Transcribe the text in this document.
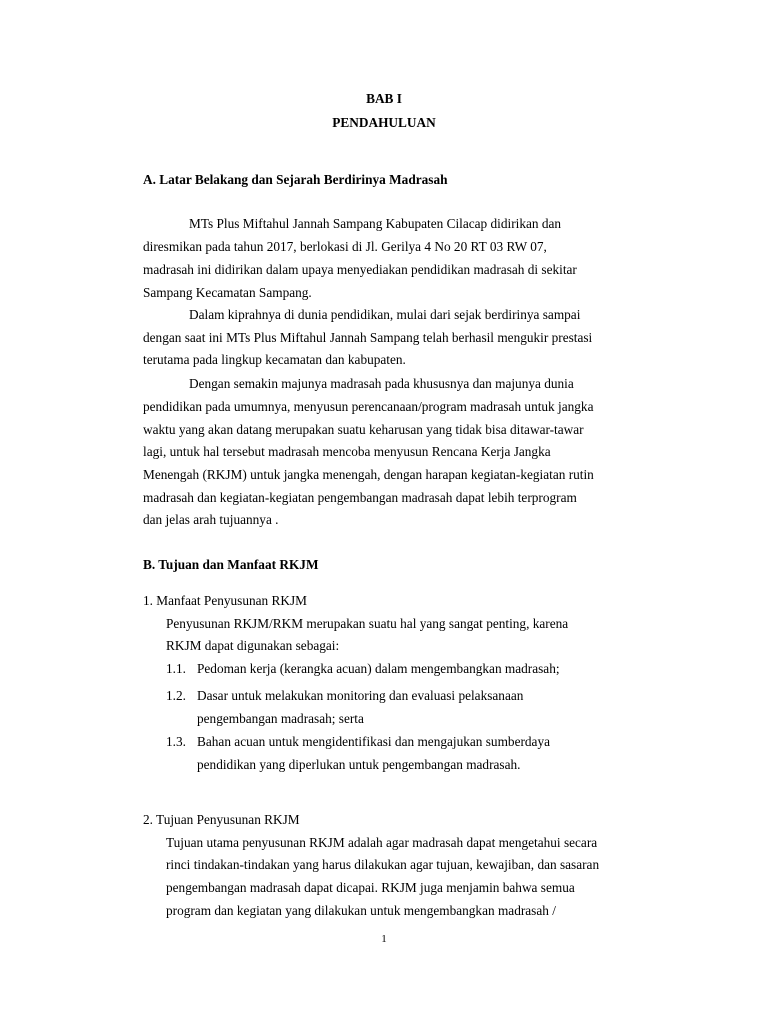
BAB I
PENDAHULUAN
A. Latar Belakang dan Sejarah Berdirinya Madrasah
MTs Plus Miftahul Jannah Sampang Kabupaten Cilacap didirikan dan
diresmikan pada tahun 2017, berlokasi di Jl. Gerilya 4 No 20 RT 03 RW 07,
madrasah ini didirikan dalam upaya menyediakan pendidikan madrasah di sekitar
Sampang Kecamatan Sampang.
Dalam kiprahnya di dunia pendidikan, mulai dari sejak berdirinya sampai
dengan saat ini MTs Plus Miftahul Jannah Sampang telah berhasil mengukir prestasi
terutama pada lingkup kecamatan dan kabupaten.
Dengan semakin majunya madrasah pada khususnya dan majunya dunia
pendidikan pada umumnya, menyusun perencanaan/program madrasah untuk jangka
waktu yang akan datang merupakan suatu keharusan yang tidak bisa ditawar-tawar
lagi, untuk hal tersebut madrasah mencoba menyusun Rencana Kerja Jangka
Menengah (RKJM) untuk jangka menengah, dengan harapan kegiatan-kegiatan rutin
madrasah dan kegiatan-kegiatan pengembangan madrasah dapat lebih terprogram
dan jelas arah tujuannya .
B. Tujuan dan Manfaat RKJM
1. Manfaat Penyusunan RKJM
Penyusunan RKJM/RKM merupakan suatu hal yang sangat penting, karena
RKJM dapat digunakan sebagai:
1.1. Pedoman kerja (kerangka acuan) dalam mengembangkan madrasah;
1.2. Dasar untuk melakukan monitoring dan evaluasi pelaksanaan
pengembangan madrasah; serta
1.3. Bahan acuan untuk mengidentifikasi dan mengajukan sumberdaya
pendidikan yang diperlukan untuk pengembangan madrasah.
2. Tujuan Penyusunan RKJM
Tujuan utama penyusunan RKJM adalah agar madrasah dapat mengetahui secara
rinci tindakan-tindakan yang harus dilakukan agar tujuan, kewajiban, dan sasaran
pengembangan madrasah dapat dicapai. RKJM juga menjamin bahwa semua
program dan kegiatan yang dilakukan untuk mengembangkan madrasah /
1
